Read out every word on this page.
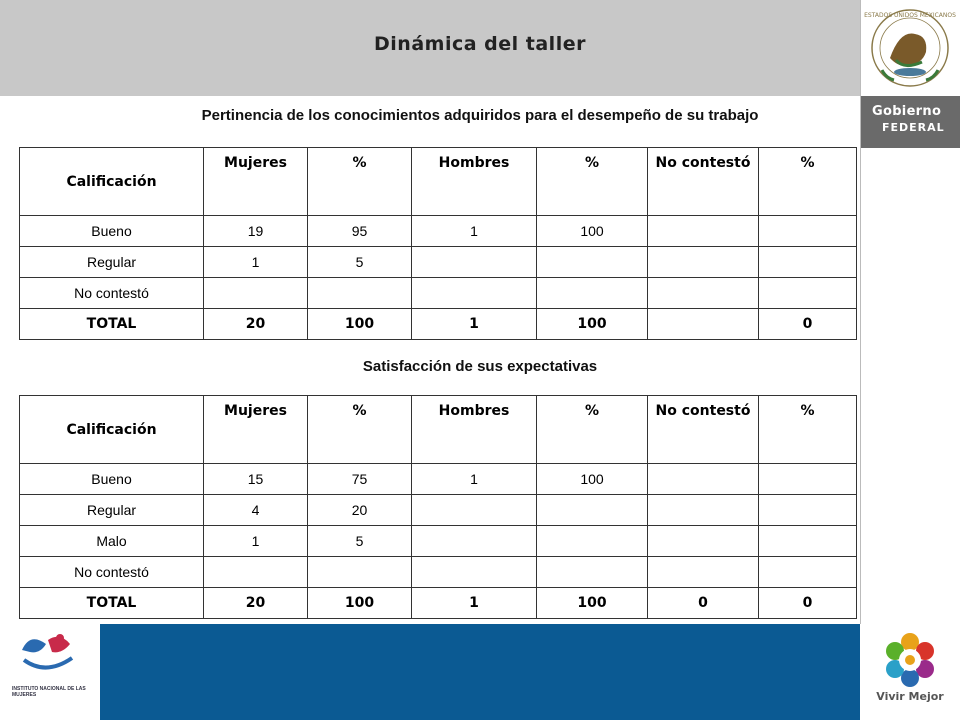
Dinámica del taller
ESTADOS UNIDOS MEXICANOS
Gobierno
FEDERAL
Pertinencia de los conocimientos adquiridos para el desempeño de su trabajo
Calificación	Mujeres	%	Hombres	%	No contestó	%
Bueno	19	95	1	100		
Regular	1	5				
No contestó						
TOTAL	20	100	1	100		0
Satisfacción de sus expectativas
Calificación	Mujeres	%	Hombres	%	No contestó	%
Bueno	15	75	1	100		
Regular	4	20				
Malo	1	5				
No contestó						
TOTAL	20	100	1	100	0	0
INSTITUTO NACIONAL DE LAS MUJERES	Vivir Mejor
